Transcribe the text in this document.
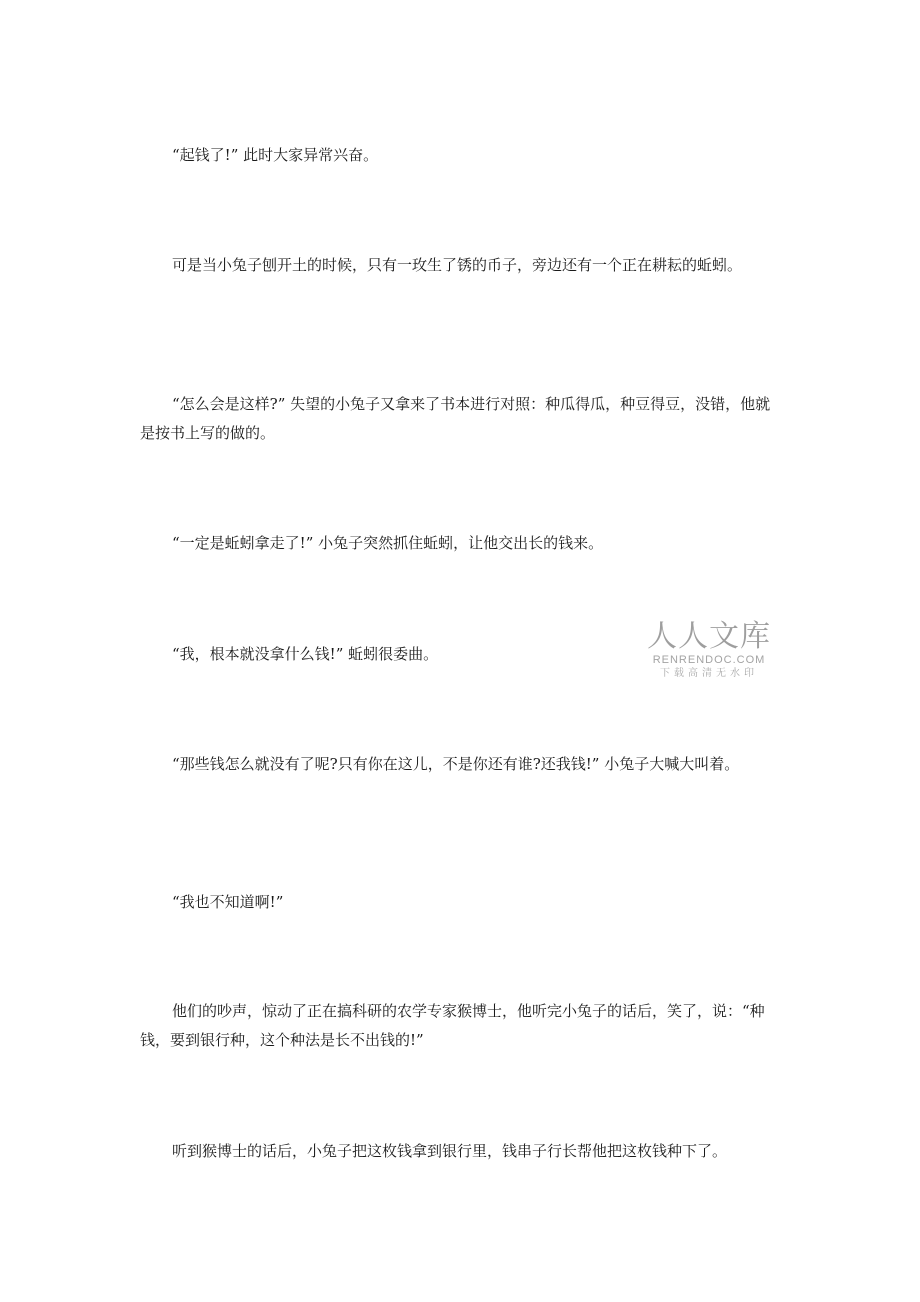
“起钱了!” 此时大家异常兴奋。

可是当小兔子刨开土的时候，只有一玫生了锈的币子，旁边还有一个正在耕耘的蚯蚓。

“怎么会是这样?” 失望的小兔子又拿来了书本进行对照：种瓜得瓜，种豆得豆，没错，他就是按书上写的做的。

“一定是蚯蚓拿走了!” 小兔子突然抓住蚯蚓，让他交出长的钱来。

“我，根本就没拿什么钱!” 蚯蚓很委曲。

“那些钱怎么就没有了呢?只有你在这儿，不是你还有谁?还我钱!” 小兔子大喊大叫着。

“我也不知道啊!”

他们的吵声，惊动了正在搞科研的农学专家猴博士，他听完小兔子的话后，笑了，说：“种钱，要到银行种，这个种法是长不出钱的!”

听到猴博士的话后，小兔子把这枚钱拿到银行里，钱串子行长帮他把这枚钱种下了。

人人文库
RENRENDOC.COM
下载高清无水印
